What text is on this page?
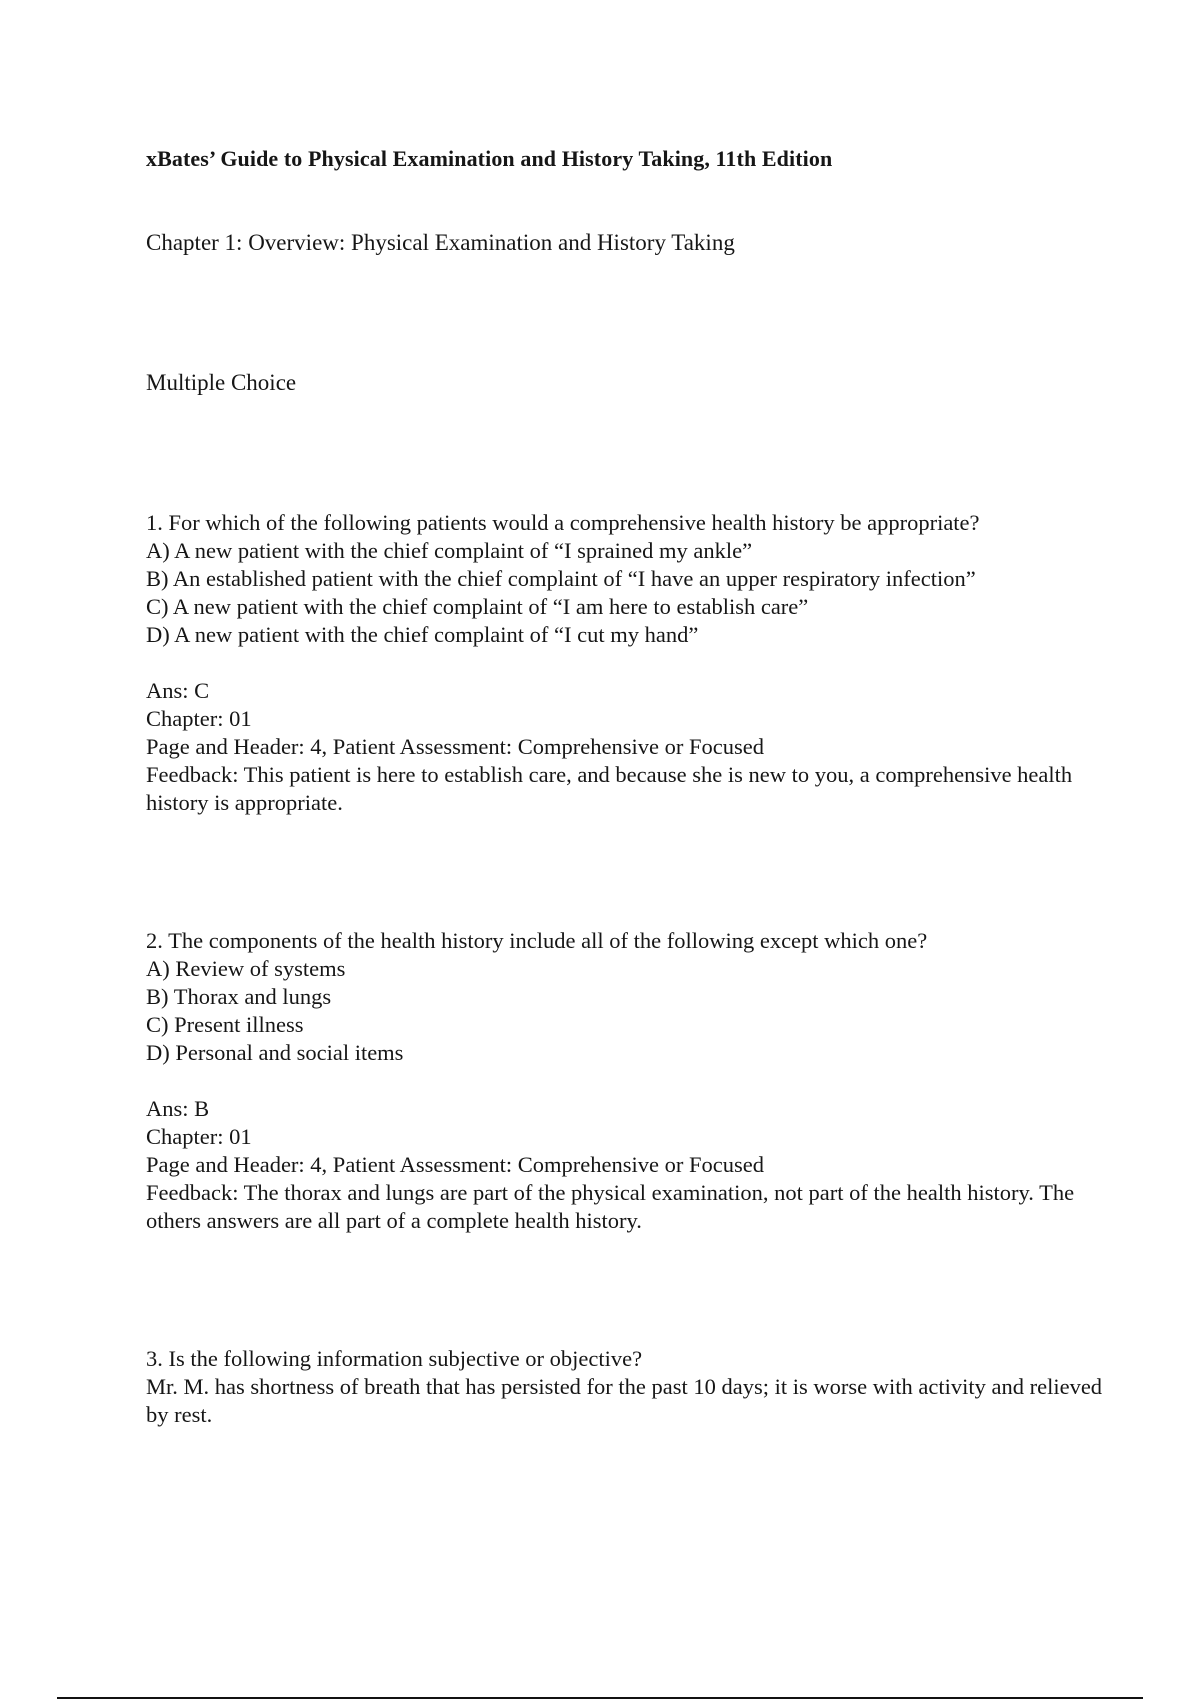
xBates’ Guide to Physical Examination and History Taking, 11th Edition
Chapter 1: Overview: Physical Examination and History Taking
Multiple Choice
1. For which of the following patients would a comprehensive health history be appropriate?
A) A new patient with the chief complaint of “I sprained my ankle”
B) An established patient with the chief complaint of “I have an upper respiratory infection”
C) A new patient with the chief complaint of “I am here to establish care”
D) A new patient with the chief complaint of “I cut my hand”
Ans: C
Chapter: 01
Page and Header: 4, Patient Assessment: Comprehensive or Focused
Feedback: This patient is here to establish care, and because she is new to you, a comprehensive health history is appropriate.
2. The components of the health history include all of the following except which one?
A) Review of systems
B) Thorax and lungs
C) Present illness
D) Personal and social items
Ans: B
Chapter: 01
Page and Header: 4, Patient Assessment: Comprehensive or Focused
Feedback: The thorax and lungs are part of the physical examination, not part of the health history. The others answers are all part of a complete health history.
3. Is the following information subjective or objective?
Mr. M. has shortness of breath that has persisted for the past 10 days; it is worse with activity and relieved by rest.
